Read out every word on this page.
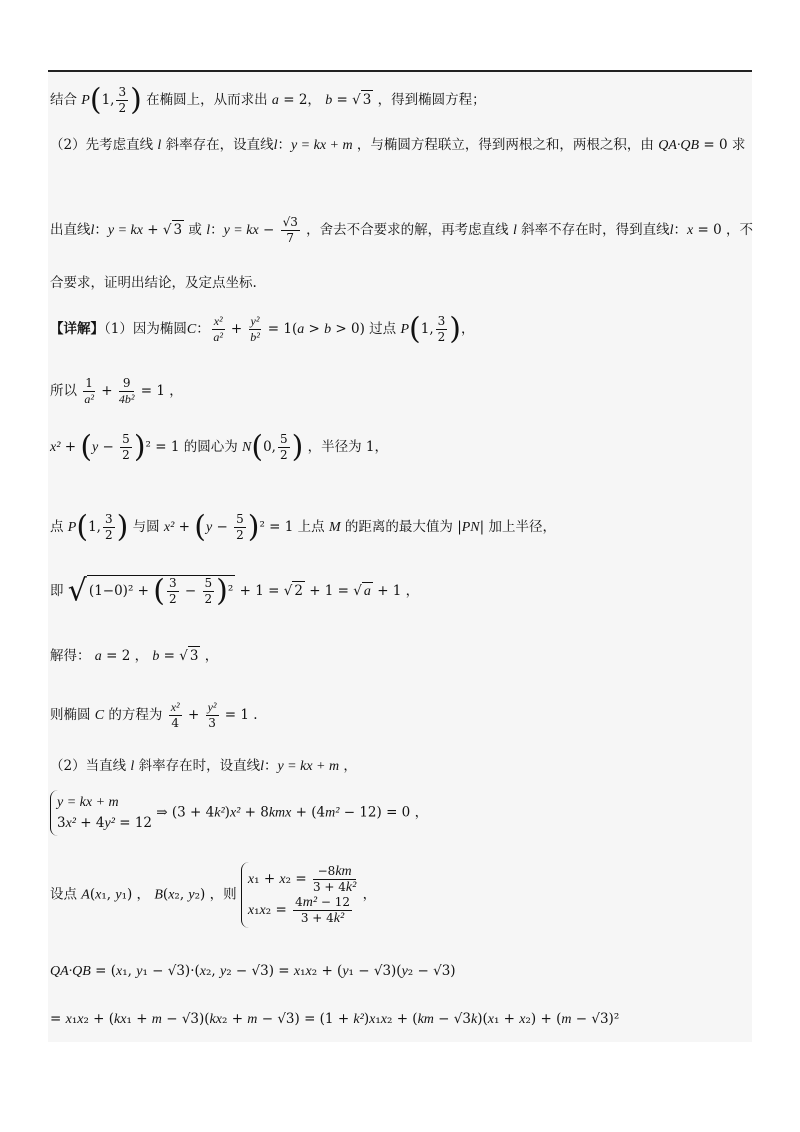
结合 P(1, $\frac{3}{2}$ ) 在椭圆上，从而求出 a = 2， b = √ 3 ，得到椭圆方程；
（2）先考虑直线 l 斜率存在，设直线l：y = kx + m ，与椭圆方程联立，得到两根之和，两根之积，由 QA·QB = 0 求
出直线l：y = kx + √ 3 或 l：y = kx − $\frac{√3}{7}$ ，舍去不合要求的解，再考虑直线 l 斜率不存在时，得到直线l：x = 0 ，不
合要求，证明出结论，及定点坐标.
【详解】（1）因为椭圆C： $\frac{\text{x²}}{\text{a²}} + \frac{\text{y²}}{\text{b²}} = 1(a > b > 0)$ 过点 P(1, $\frac{3}{2}$ )，
所以 $\frac{1}{\text{a²}} + \frac{9}{\text{4b²}} = 1$ ，
$x^2 + (y - \frac{5}{2} )^2 = 1$ 的圆心为 N(0, $\frac{5}{2}$ ) ，半径为 1，
点 P(1, $\frac{3}{2}$ ) 与圆 $x^2 + (y - \frac{5}{2} )^2 = 1$ 上点 M 的距离的最大值为 |PN| 加上半径，
即 √ (1−0)² + ( $\frac{3}{2} - \frac{5}{2} )^2 + 1$ = √ 2 + 1 = √ a + 1 ，
解得： a = 2 ， b = √ 3 ，
则椭圆 C 的方程为 $\frac{\text{x²}}{4} + \frac{\text{y²}}{3} = 1$ .
（2）当直线 l 斜率存在时，设直线l：y = kx + m ，
y = kx + m
3x² + 4y² = 12 ⇒ (3 + 4k²)x² + 8kmx + (4m² − 12) = 0 ，
设点 A(x₁, y₁) ， B(x₂, y₂) ，则 $x_1 + x_2 = \frac{-8km}{\text{3 + 4k²}}$

$x_1x_2 = \frac{\text{4m² − 12}}{\text{3 + 4k²}}$
，
QA·QB = (x₁, y₁ − √3)·(x₂, y₂ − √3) = x₁x₂ + (y₁ − √3)(y₂ − √3)
= x₁x₂ + (kx₁ + m − √3)(kx₂ + m − √3) = (1 + k²)x₁x₂ + (km − √3k)(x₁ + x₂) + (m − √3)²
